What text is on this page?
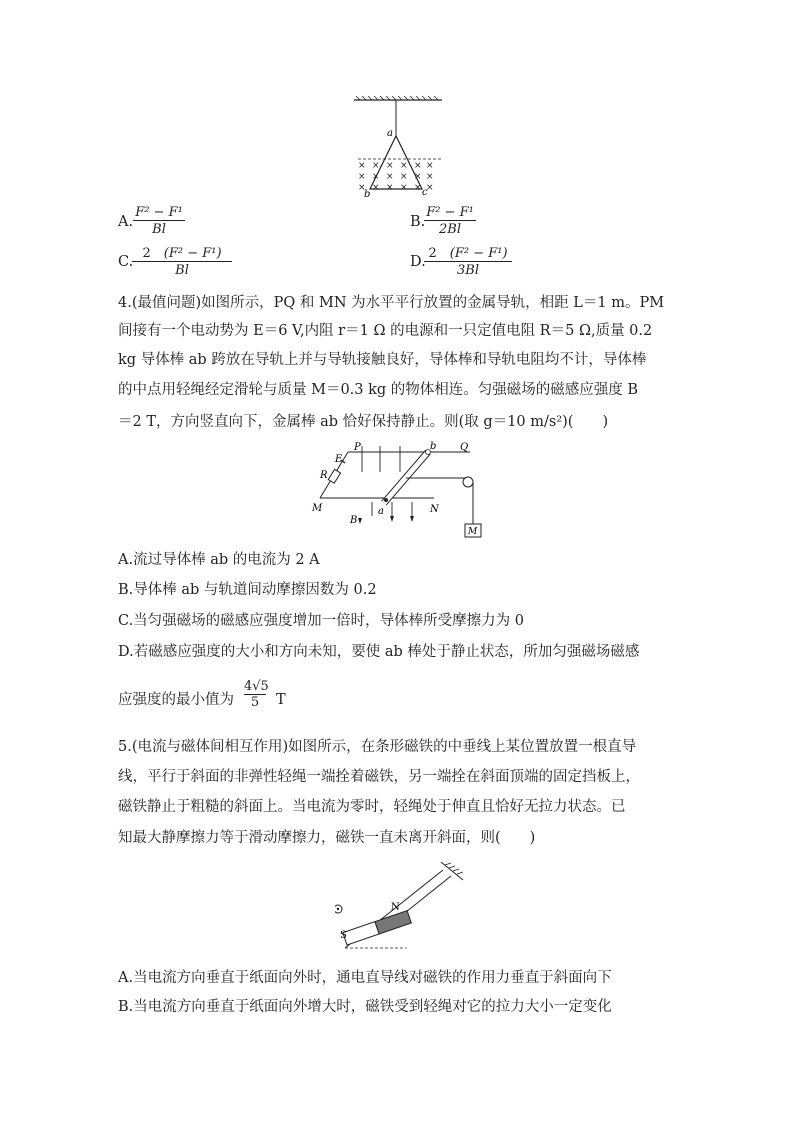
× × × × × ×
× × × × × ×
× × × × × ×
a
b	c
A. $\frac{\text{F² − F¹}}{Bl}$	B.
$\frac{\text{F² − F¹}}{2Bl}$
C.
$\frac{\text{2　 (F² − F¹)}}{Bl}$	D.
$\frac{\text{2　 (F² − F¹)}}{3Bl}$
4.(最值问题)如图所示，PQ 和 MN 为水平平行放置的金属导轨，相距 L＝1 m。PM
间接有一个电动势为 E＝6 V,内阻 r＝1 Ω 的电源和一只定值电阻 R＝5 Ω,质量 0.2
kg 导体棒 ab 跨放在导轨上并与导轨接触良好，导体棒和导轨电阻均不计，导体棒
的中点用轻绳经定滑轮与质量 M＝0.3 kg 的物体相连。匀强磁场的磁感应强度 B
＝2 T，方向竖直向下，金属棒 ab 恰好保持静止。则(取 g＝10 m/s²)(　　)
P	b Q
E
R
M
B
a	N
M
A.流过导体棒 ab 的电流为 2 A
B.导体棒 ab 与轨道间动摩擦因数为 0.2
C.当匀强磁场的磁感应强度增加一倍时，导体棒所受摩擦力为 0
D.若磁感应强度的大小和方向未知，要使 ab 棒处于静止状态，所加匀强磁场磁感
应强度的最小值为 $\frac{4√5}{5}$ T
5.(电流与磁体间相互作用)如图所示，在条形磁铁的中垂线上某位置放置一根直导
线，平行于斜面的非弹性轻绳一端拴着磁铁，另一端拴在斜面顶端的固定挡板上，
磁铁静止于粗糙的斜面上。当电流为零时，轻绳处于伸直且恰好无拉力状态。已
知最大静摩擦力等于滑动摩擦力，磁铁一直未离开斜面，则(　　)
S
N
A.当电流方向垂直于纸面向外时，通电直导线对磁铁的作用力垂直于斜面向下
B.当电流方向垂直于纸面向外增大时，磁铁受到轻绳对它的拉力大小一定变化
